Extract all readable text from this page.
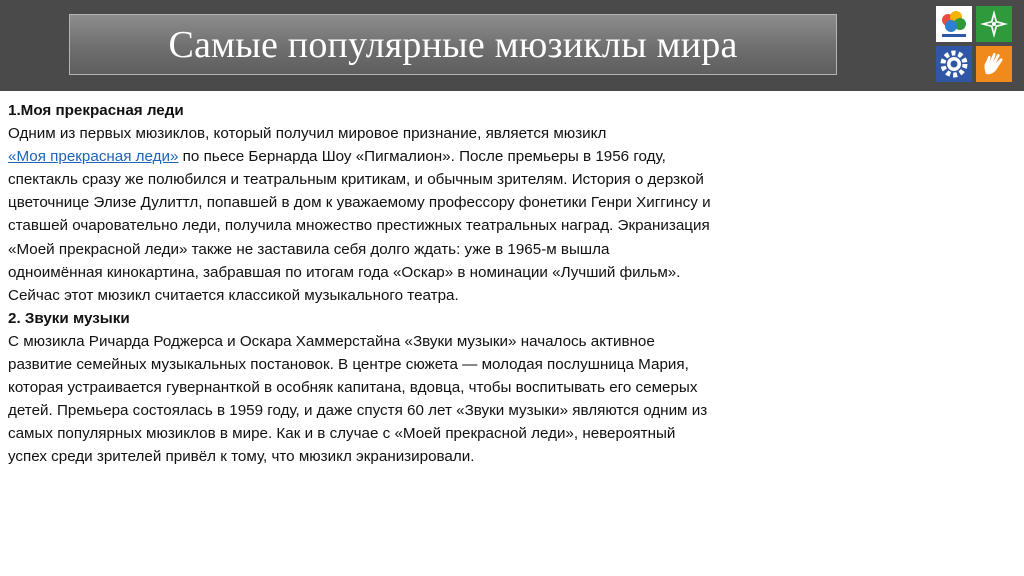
Самые популярные мюзиклы мира

1.Моя прекрасная леди

Одним из первых мюзиклов, который получил мировое признание, является мюзикл

«Моя прекрасная леди» по пьесе Бернарда Шоу «Пигмалион». После премьеры в 1956 году,

спектакль сразу же полюбился и театральным критикам, и обычным зрителям. История о дерзкой

цветочнице Элизе Дулиттл, попавшей в дом к уважаемому профессору фонетики Генри Хиггинсу и

ставшей очаровательно леди, получила множество престижных театральных наград. Экранизация

«Моей прекрасной леди» также не заставила себя долго ждать: уже в 1965-м вышла

одноимённая кинокартина, забравшая по итогам года «Оскар» в номинации «Лучший фильм».

Сейчас этот мюзикл считается классикой музыкального театра.

2. Звуки музыки

С мюзикла Ричарда Роджерса и Оскара Хаммерстайна «Звуки музыки» началось активное

развитие семейных музыкальных постановок. В центре сюжета — молодая послушница Мария,

которая устраивается гувернанткой в особняк капитана, вдовца, чтобы воспитывать его семерых

детей. Премьера состоялась в 1959 году, и даже спустя 60 лет «Звуки музыки» являются одним из

самых популярных мюзиклов в мире. Как и в случае с «Моей прекрасной леди», невероятный

успех среди зрителей привёл к тому, что мюзикл экранизировали.
